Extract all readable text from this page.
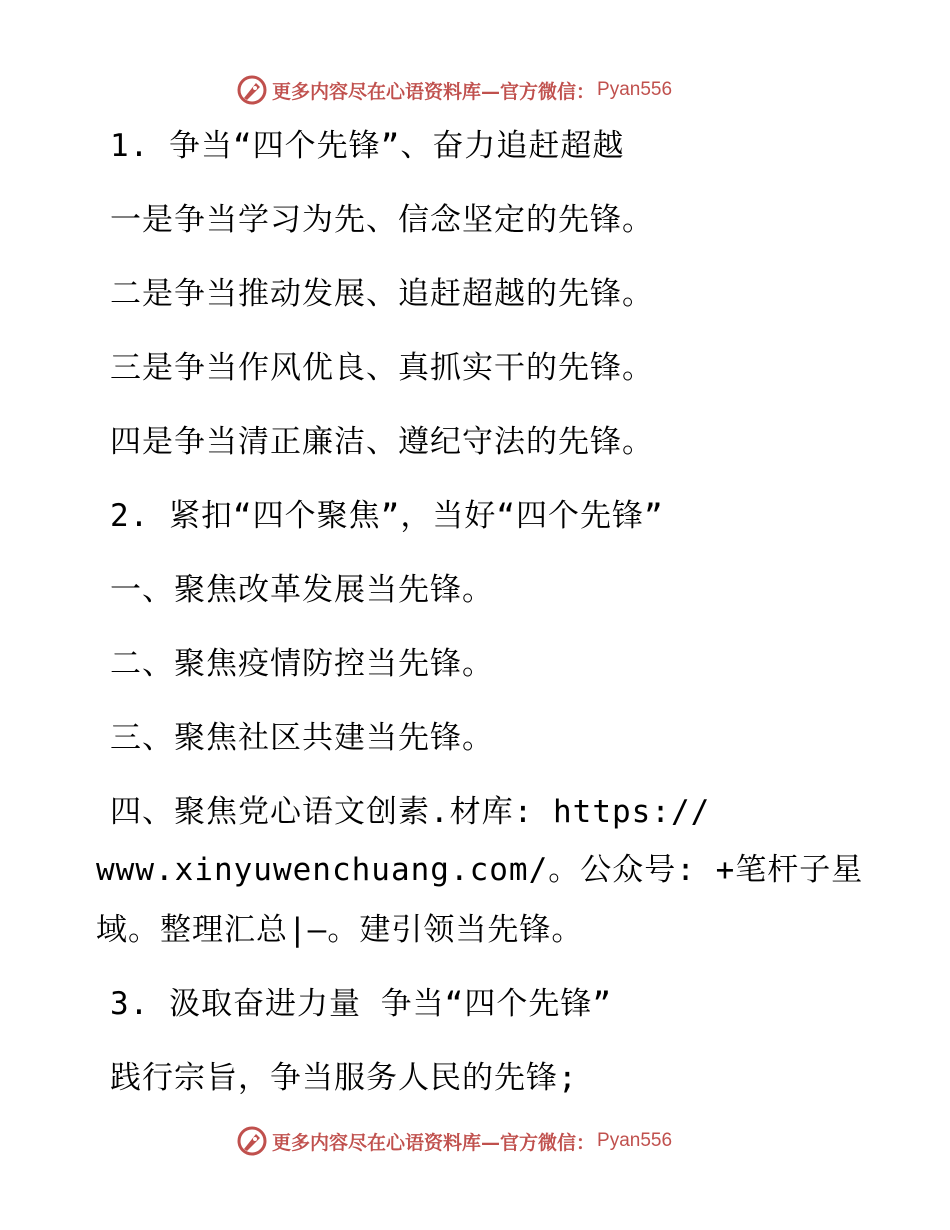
更多内容尽在心语资料库—官方微信： Pyan556
1. 争当“四个先锋”、奋力追赶超越
一是争当学习为先、信念坚定的先锋。
二是争当推动发展、追赶超越的先锋。
三是争当作风优良、真抓实干的先锋。
四是争当清正廉洁、遵纪守法的先锋。
2. 紧扣“四个聚焦”，当好“四个先锋”
一、聚焦改革发展当先锋。
二、聚焦疫情防控当先锋。
三、聚焦社区共建当先锋。
四、聚焦党心语文创素.材库: https://
www.xinyuwenchuang.com/。公众号: +笔杆子星
域。整理汇总|—。建引领当先锋。
3. 汲取奋进力量 争当“四个先锋”
践行宗旨，争当服务人民的先锋;
更多内容尽在心语资料库—官方微信： Pyan556
